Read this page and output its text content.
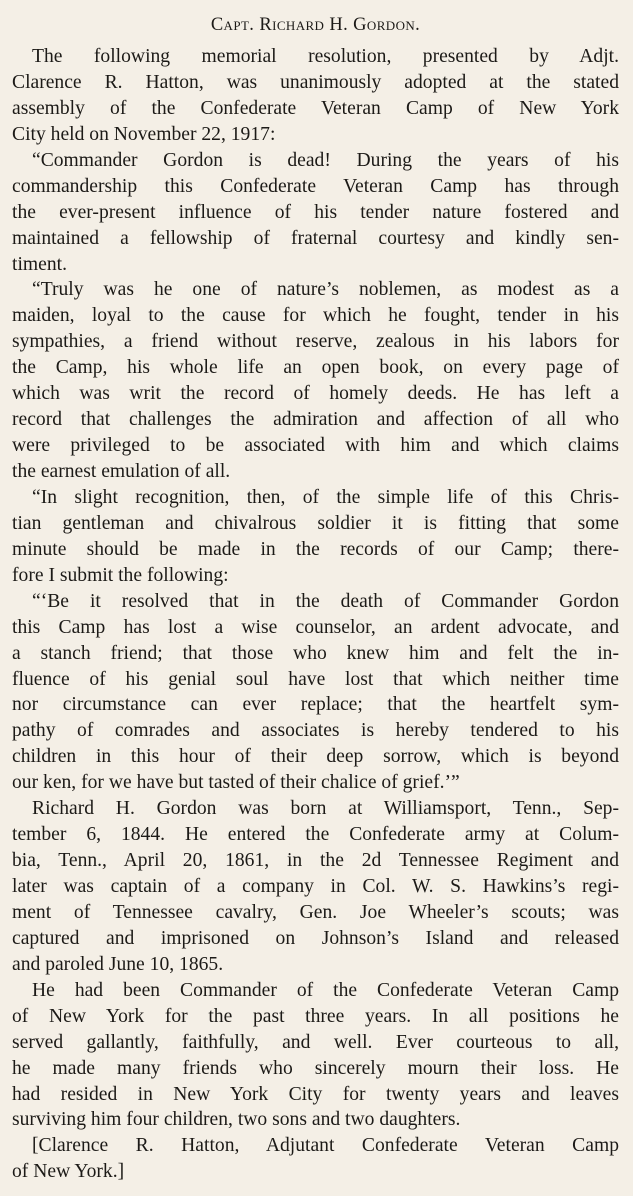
Capt. Richard H. Gordon.
The following memorial resolution, presented by Adjt.
Clarence R. Hatton, was unanimously adopted at the stated
assembly of the Confederate Veteran Camp of New York
City held on November 22, 1917:
“Commander Gordon is dead! During the years of his
commandership this Confederate Veteran Camp has through
the ever-present influence of his tender nature fostered and
maintained a fellowship of fraternal courtesy and kindly sen-
timent.
“Truly was he one of nature’s noblemen, as modest as a
maiden, loyal to the cause for which he fought, tender in his
sympathies, a friend without reserve, zealous in his labors for
the Camp, his whole life an open book, on every page of
which was writ the record of homely deeds. He has left a
record that challenges the admiration and affection of all who
were privileged to be associated with him and which claims
the earnest emulation of all.
“In slight recognition, then, of the simple life of this Chris-
tian gentleman and chivalrous soldier it is fitting that some
minute should be made in the records of our Camp; there-
fore I submit the following:
“‘Be it resolved that in the death of Commander Gordon
this Camp has lost a wise counselor, an ardent advocate, and
a stanch friend; that those who knew him and felt the in-
fluence of his genial soul have lost that which neither time
nor circumstance can ever replace; that the heartfelt sym-
pathy of comrades and associates is hereby tendered to his
children in this hour of their deep sorrow, which is beyond
our ken, for we have but tasted of their chalice of grief.’”
Richard H. Gordon was born at Williamsport, Tenn., Sep-
tember 6, 1844. He entered the Confederate army at Colum-
bia, Tenn., April 20, 1861, in the 2d Tennessee Regiment and
later was captain of a company in Col. W. S. Hawkins’s regi-
ment of Tennessee cavalry, Gen. Joe Wheeler’s scouts; was
captured and imprisoned on Johnson’s Island and released
and paroled June 10, 1865.
He had been Commander of the Confederate Veteran Camp
of New York for the past three years. In all positions he
served gallantly, faithfully, and well. Ever courteous to all,
he made many friends who sincerely mourn their loss. He
had resided in New York City for twenty years and leaves
surviving him four children, two sons and two daughters.
[Clarence R. Hatton, Adjutant Confederate Veteran Camp
of New York.]
